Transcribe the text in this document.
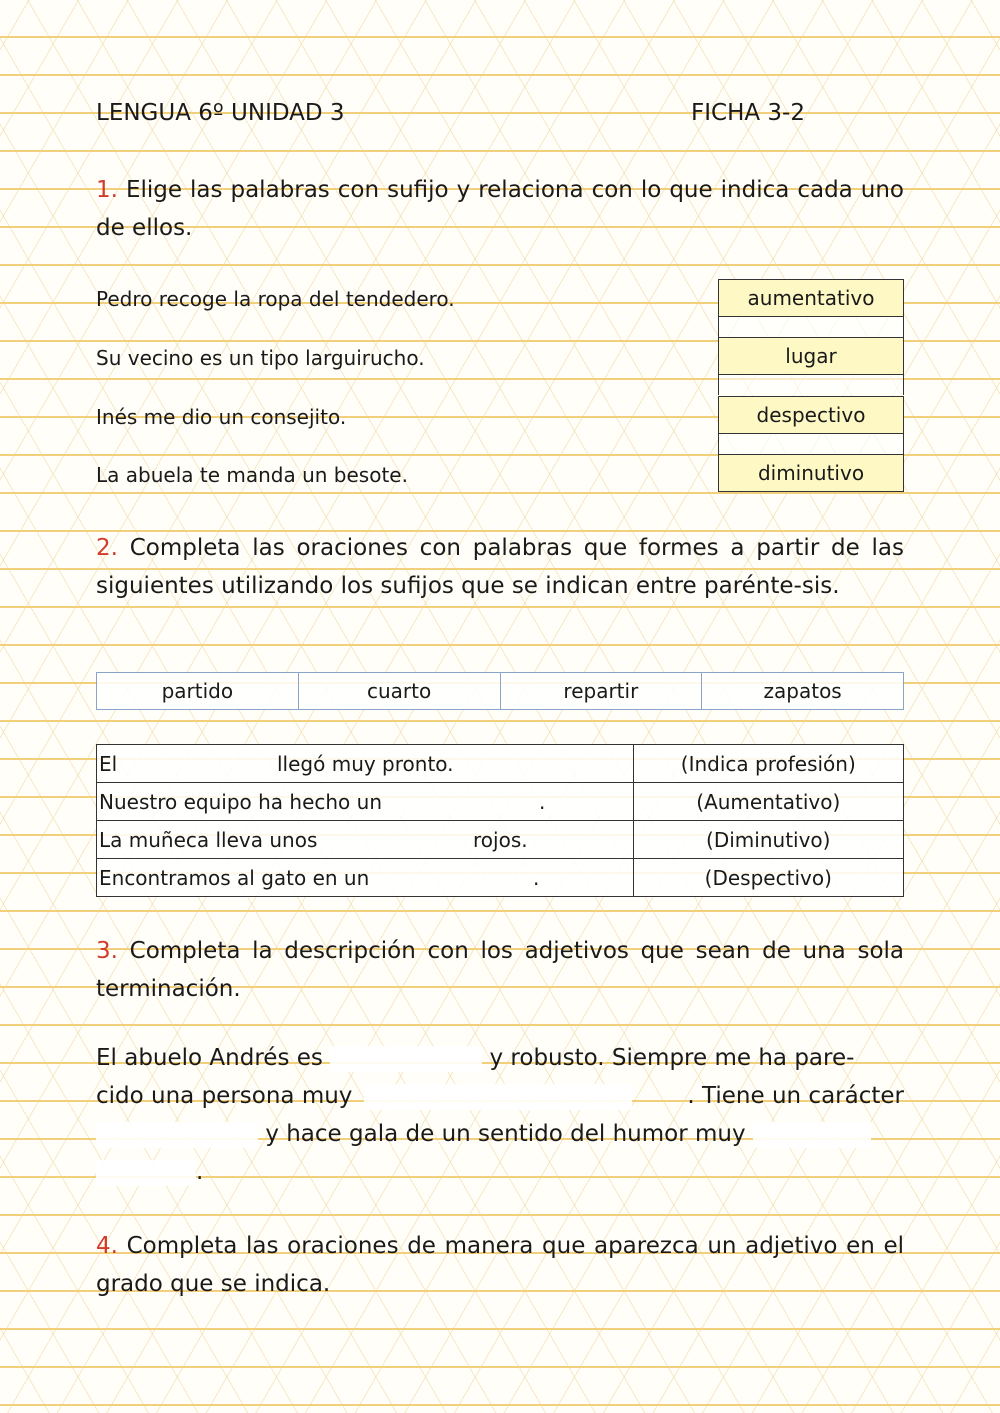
LENGUA 6º UNIDAD 3	FICHA 3-2
1. Elige las palabras con sufijo y relaciona con lo que indica cada uno de ellos.
Pedro recoge la ropa del tendedero.
Su vecino es un tipo larguirucho.
Inés me dio un consejito.
La abuela te manda un besote.
aumentativo
lugar
despectivo
diminutivo
2. Completa las oraciones con palabras que formes a partir de las siguientes utilizando los sufijos que se indican entre parénte-sis.
partido	cuarto	repartir	zapatos
El llegó muy pronto.	(Indica profesión)

Nuestro equipo ha hecho un .	(Aumentativo)

La muñeca lleva unos rojos.	(Diminutivo)

Encontramos al gato en un .	(Despectivo)
3. Completa la descripción con los adjetivos que sean de una sola terminación.
El abuelo Andrés es	y robusto. Siempre me ha pare-
cido una persona muy	. Tiene un carácter
y hace gala de un sentido del humor muy
.
4. Completa las oraciones de manera que aparezca un adjetivo en el grado que se indica.
